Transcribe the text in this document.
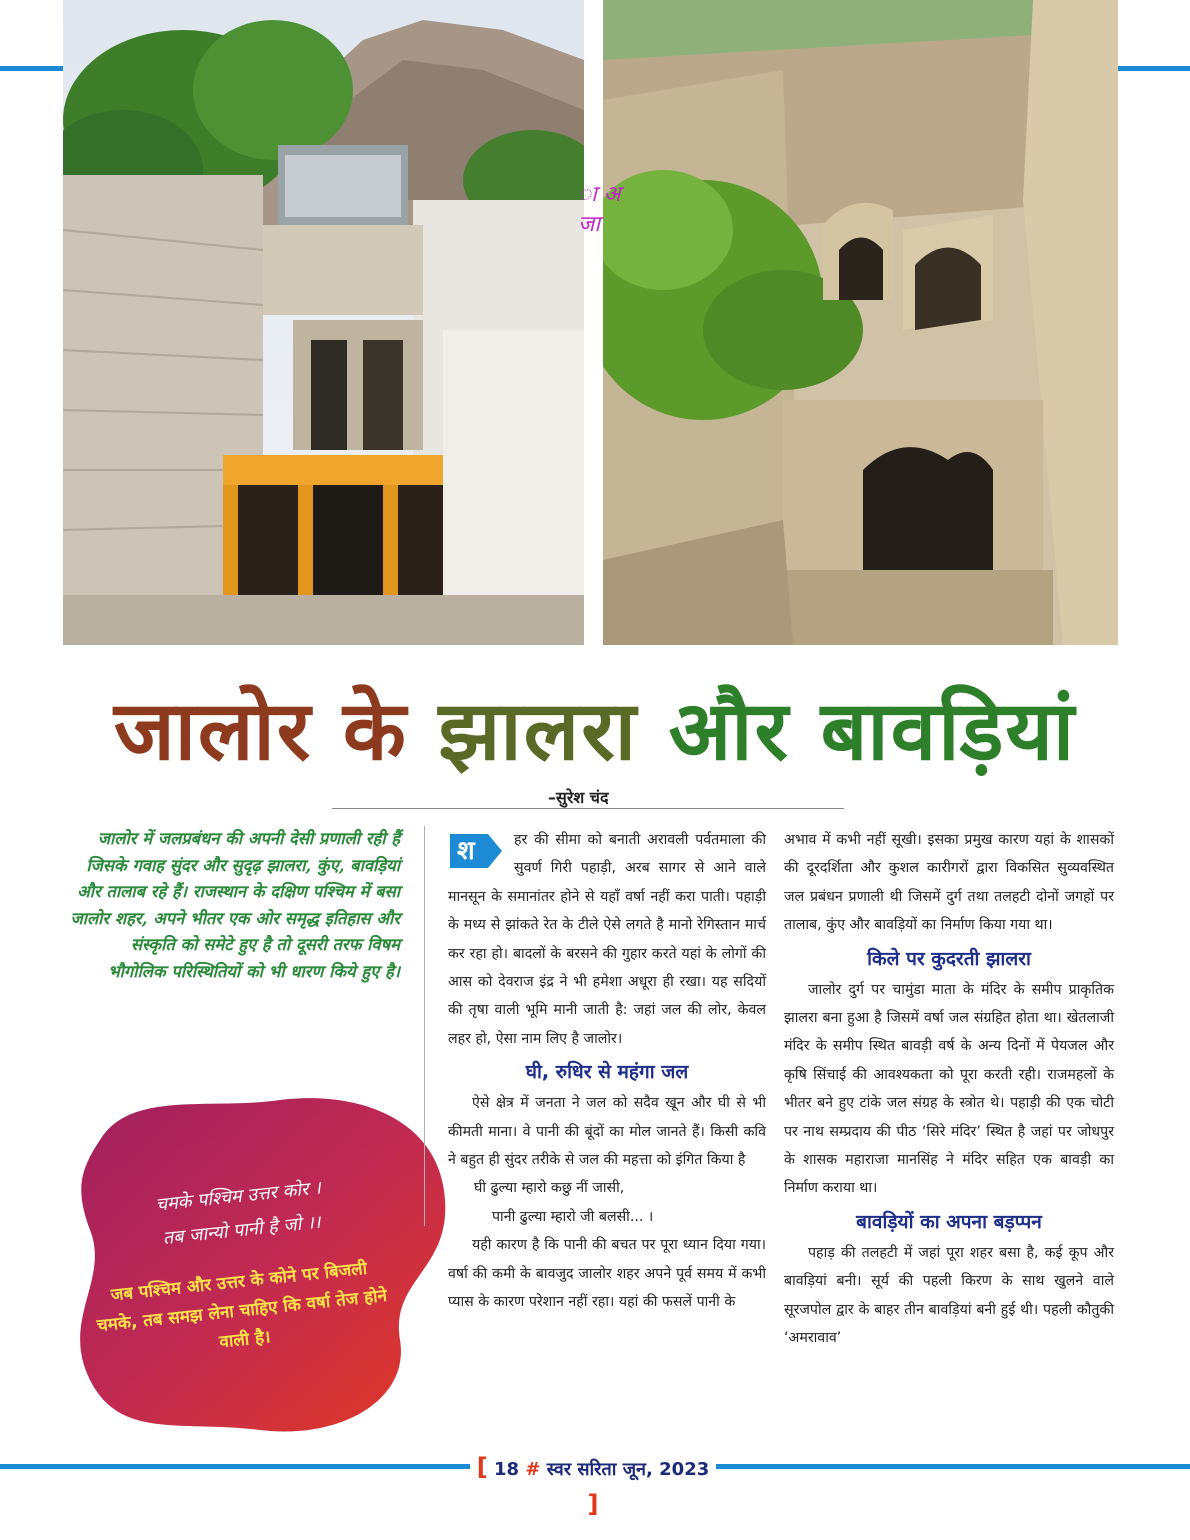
ा अ
जा
जालोर के झालरा और बावड़ियां
–सुरेश चंद

जालोर में जलप्रबंधन की अपनी देसी प्रणाली रही हैं जिसके गवाह सुंदर और सुदृढ़ झालरा, कुंए, बावड़ियां और तालाब रहे हैं। राजस्थान के दक्षिण पश्चिम में बसा जालोर शहर, अपने भीतर एक ओर समृद्ध इतिहास और संस्कृति को समेटे हुए है तो दूसरी तरफ विषम भौगोलिक परिस्थितियों को भी धारण किये हुए है।

चमके पश्चिम उत्तर कोर ।
तब जान्यो पानी है जो ।।
जब पश्चिम और उत्तर के कोने पर बिजली चमके, तब समझ लेना चाहिए कि वर्षा तेज होने वाली है।
श	हर की सीमा को बनाती अरावली पर्वतमाला की सुवर्ण गिरी पहाड़ी, अरब सागर से आने वाले मानसून के समानांतर होने से यहाँ वर्षा नहीं करा पाती। पहाड़ी के मध्य से झांकते रेत के टीले ऐसे लगते है मानो रेगिस्तान मार्च कर रहा हो। बादलों के बरसने की गुहार करते यहां के लोगों की आस को देवराज इंद्र ने भी हमेशा अधूरा ही रखा। यह सदियों की तृषा वाली भूमि मानी जाती है: जहां जल की लोर, केवल लहर हो, ऐसा नाम लिए है जालोर।

घी, रुधिर से महंगा जल

ऐसे क्षेत्र में जनता ने जल को सदैव खून और घी से भी कीमती माना। वे पानी की बूंदों का मोल जानते हैं। किसी कवि ने बहुत ही सुंदर तरीके से जल की महत्ता को इंगित किया है

घी ढुल्या म्हारो कछु नीं जासी,

पानी ढुल्या म्हारो जी बलसी... ।

यही कारण है कि पानी की बचत पर पूरा ध्यान दिया गया। वर्षा की कमी के बावजुद जालोर शहर अपने पूर्व समय में कभी प्यास के कारण परेशान नहीं रहा। यहां की फसलें पानी के

अभाव में कभी नहीं सूखी। इसका प्रमुख कारण यहां के शासकों की दूरदर्शिता और कुशल कारीगरों द्वारा विकसित सुव्यवस्थित जल प्रबंधन प्रणाली थी जिसमें दुर्ग तथा तलहटी दोनों जगहों पर तालाब, कुंए और बावड़ियों का निर्माण किया गया था।

किले पर कुदरती झालरा

जालोर दुर्ग पर चामुंडा माता के मंदिर के समीप प्राकृतिक झालरा बना हुआ है जिसमें वर्षा जल संग्रहित होता था। खेतलाजी मंदिर के समीप स्थित बावड़ी वर्ष के अन्य दिनों में पेयजल और कृषि सिंचाई की आवश्यकता को पूरा करती रही। राजमहलों के भीतर बने हुए टांके जल संग्रह के स्त्रोत थे। पहाड़ी की एक चोटी पर नाथ सम्प्रदाय की पीठ ‘सिरे मंदिर’ स्थित है जहां पर जोधपुर के शासक महाराजा मानसिंह ने मंदिर सहित एक बावड़ी का निर्माण कराया था।

बावड़ियों का अपना बड़प्पन

पहाड़ की तलहटी में जहां पूरा शहर बसा है, कई कूप और बावड़ियां बनी। सूर्य की पहली किरण के साथ खुलने वाले सूरजपोल द्वार के बाहर तीन बावड़ियां बनी हुई थी। पहली कौतुकी ‘अमरावाव’

[ 18 # स्वर सरिता जून, 2023 ]
